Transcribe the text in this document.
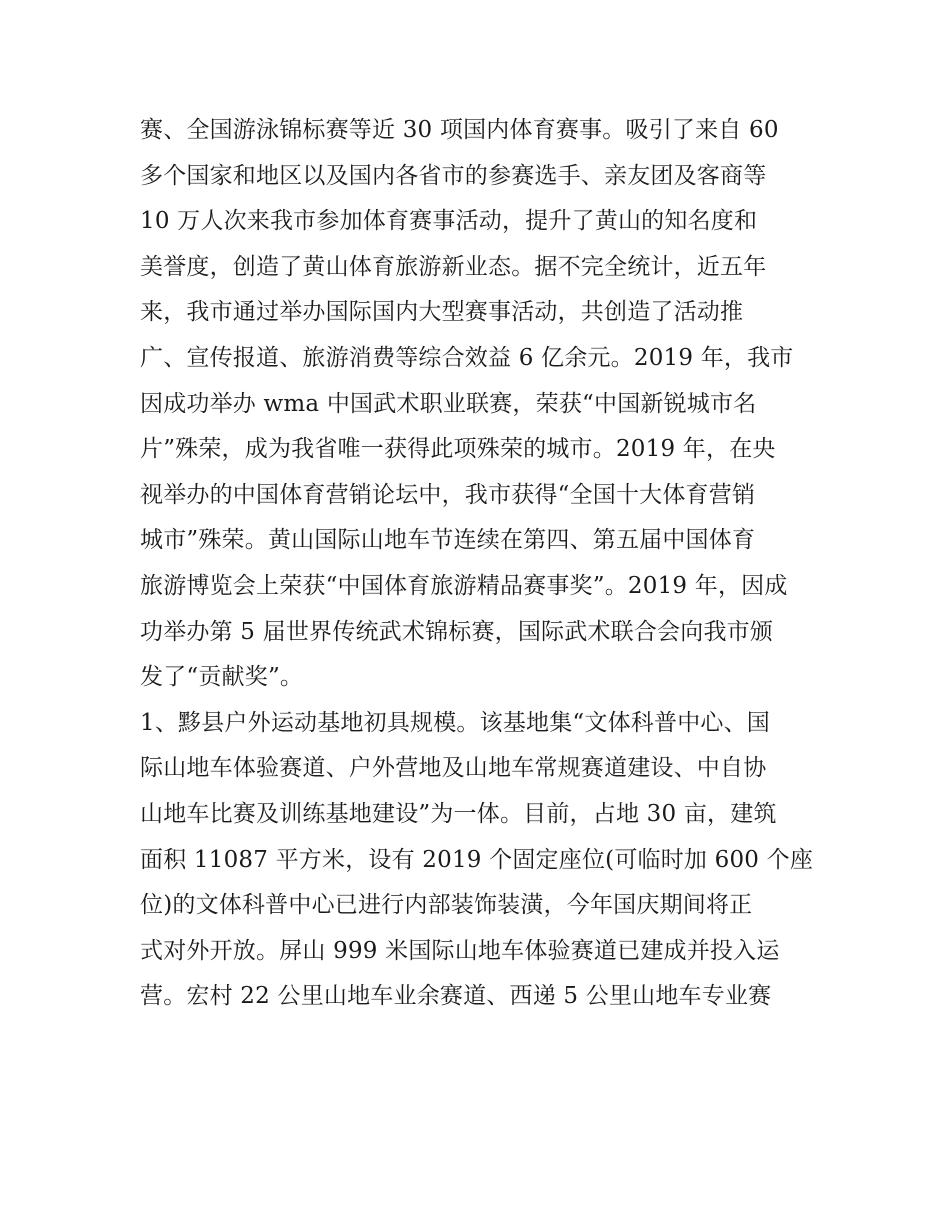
赛、全国游泳锦标赛等近 30 项国内体育赛事。吸引了来自 60
多个国家和地区以及国内各省市的参赛选手、亲友团及客商等
10 万人次来我市参加体育赛事活动，提升了黄山的知名度和
美誉度，创造了黄山体育旅游新业态。据不完全统计，近五年
来，我市通过举办国际国内大型赛事活动，共创造了活动推
广、宣传报道、旅游消费等综合效益 6 亿余元。2019 年，我市
因成功举办 wma 中国武术职业联赛，荣获“中国新锐城市名
片”殊荣，成为我省唯一获得此项殊荣的城市。2019 年，在央
视举办的中国体育营销论坛中，我市获得“全国十大体育营销
城市”殊荣。黄山国际山地车节连续在第四、第五届中国体育
旅游博览会上荣获“中国体育旅游精品赛事奖”。2019 年，因成
功举办第 5 届世界传统武术锦标赛，国际武术联合会向我市颁
发了“贡献奖”。
1、黟县户外运动基地初具规模。该基地集“文体科普中心、国
际山地车体验赛道、户外营地及山地车常规赛道建设、中自协
山地车比赛及训练基地建设”为一体。目前，占地 30 亩，建筑
面积 11087 平方米，设有 2019 个固定座位(可临时加 600 个座
位)的文体科普中心已进行内部装饰装潢，今年国庆期间将正
式对外开放。屏山 999 米国际山地车体验赛道已建成并投入运
营。宏村 22 公里山地车业余赛道、西递 5 公里山地车专业赛
